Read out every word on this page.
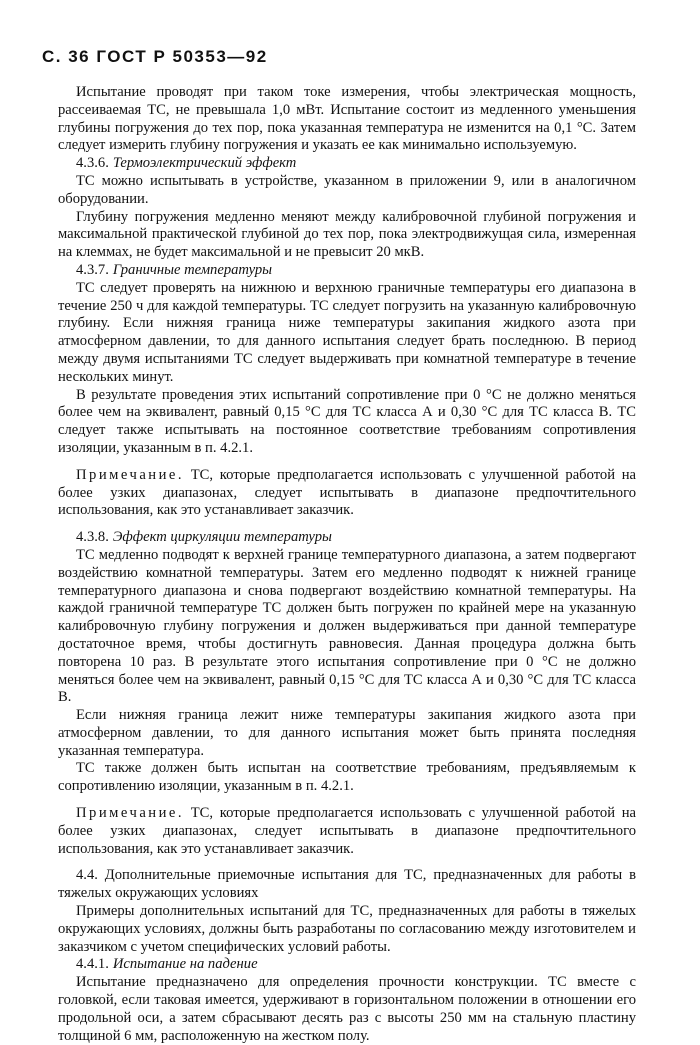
С. 36 ГОСТ Р 50353—92

Испытание проводят при таком токе измерения, чтобы электрическая мощность, рассеиваемая ТС, не превышала 1,0 мВт. Испытание состоит из медленного уменьшения глубины погружения до тех пор, пока указанная температура не изменится на 0,1 °С. Затем следует измерить глубину погружения и указать ее как минимально используемую.

4.3.6. Термоэлектрический эффект

ТС можно испытывать в устройстве, указанном в приложении 9, или в аналогичном оборудовании.

Глубину погружения медленно меняют между калибровочной глубиной погружения и максимальной практической глубиной до тех пор, пока электродвижущая сила, измеренная на клеммах, не будет максимальной и не превысит 20 мкВ.

4.3.7. Граничные температуры

ТС следует проверять на нижнюю и верхнюю граничные температуры его диапазона в течение 250 ч для каждой температуры. ТС следует погрузить на указанную калибровочную глубину. Если нижняя граница ниже температуры закипания жидкого азота при атмосферном давлении, то для данного испытания следует брать последнюю. В период между двумя испытаниями ТС следует выдерживать при комнатной температуре в течение нескольких минут.

В результате проведения этих испытаний сопротивление при 0 °С не должно меняться более чем на эквивалент, равный 0,15 °С для ТС класса А и 0,30 °С для ТС класса В. ТС следует также испытывать на постоянное соответствие требованиям сопротивления изоляции, указанным в п. 4.2.1.

Примечание. ТС, которые предполагается использовать с улучшенной работой на более узких диапазонах, следует испытывать в диапазоне предпочтительного использования, как это устанавливает заказчик.

4.3.8. Эффект циркуляции температуры

ТС медленно подводят к верхней границе температурного диапазона, а затем подвергают воздействию комнатной температуры. Затем его медленно подводят к нижней границе температурного диапазона и снова подвергают воздействию комнатной температуры. На каждой граничной температуре ТС должен быть погружен по крайней мере на указанную калибровочную глубину погружения и должен выдерживаться при данной температуре достаточное время, чтобы достигнуть равновесия. Данная процедура должна быть повторена 10 раз. В результате этого испытания сопротивление при 0 °С не должно меняться более чем на эквивалент, равный 0,15 °С для ТС класса А и 0,30 °С для ТС класса В.

Если нижняя граница лежит ниже температуры закипания жидкого азота при атмосферном давлении, то для данного испытания может быть принята последняя указанная температура.

ТС также должен быть испытан на соответствие требованиям, предъявляемым к сопротивлению изоляции, указанным в п. 4.2.1.

Примечание. ТС, которые предполагается использовать с улучшенной работой на более узких диапазонах, следует испытывать в диапазоне предпочтительного использования, как это устанавливает заказчик.

4.4. Дополнительные приемочные испытания для ТС, предназначенных для работы в тяжелых окружающих условиях

Примеры дополнительных испытаний для ТС, предназначенных для работы в тяжелых окружающих условиях, должны быть разработаны по согласованию между изготовителем и заказчиком с учетом специфических условий работы.

4.4.1. Испытание на падение

Испытание предназначено для определения прочности конструкции. ТС вместе с головкой, если таковая имеется, удерживают в горизонтальном положении в отношении его продольной оси, а затем сбрасывают десять раз с высоты 250 мм на стальную пластину толщиной 6 мм, расположенную на жестком полу.
